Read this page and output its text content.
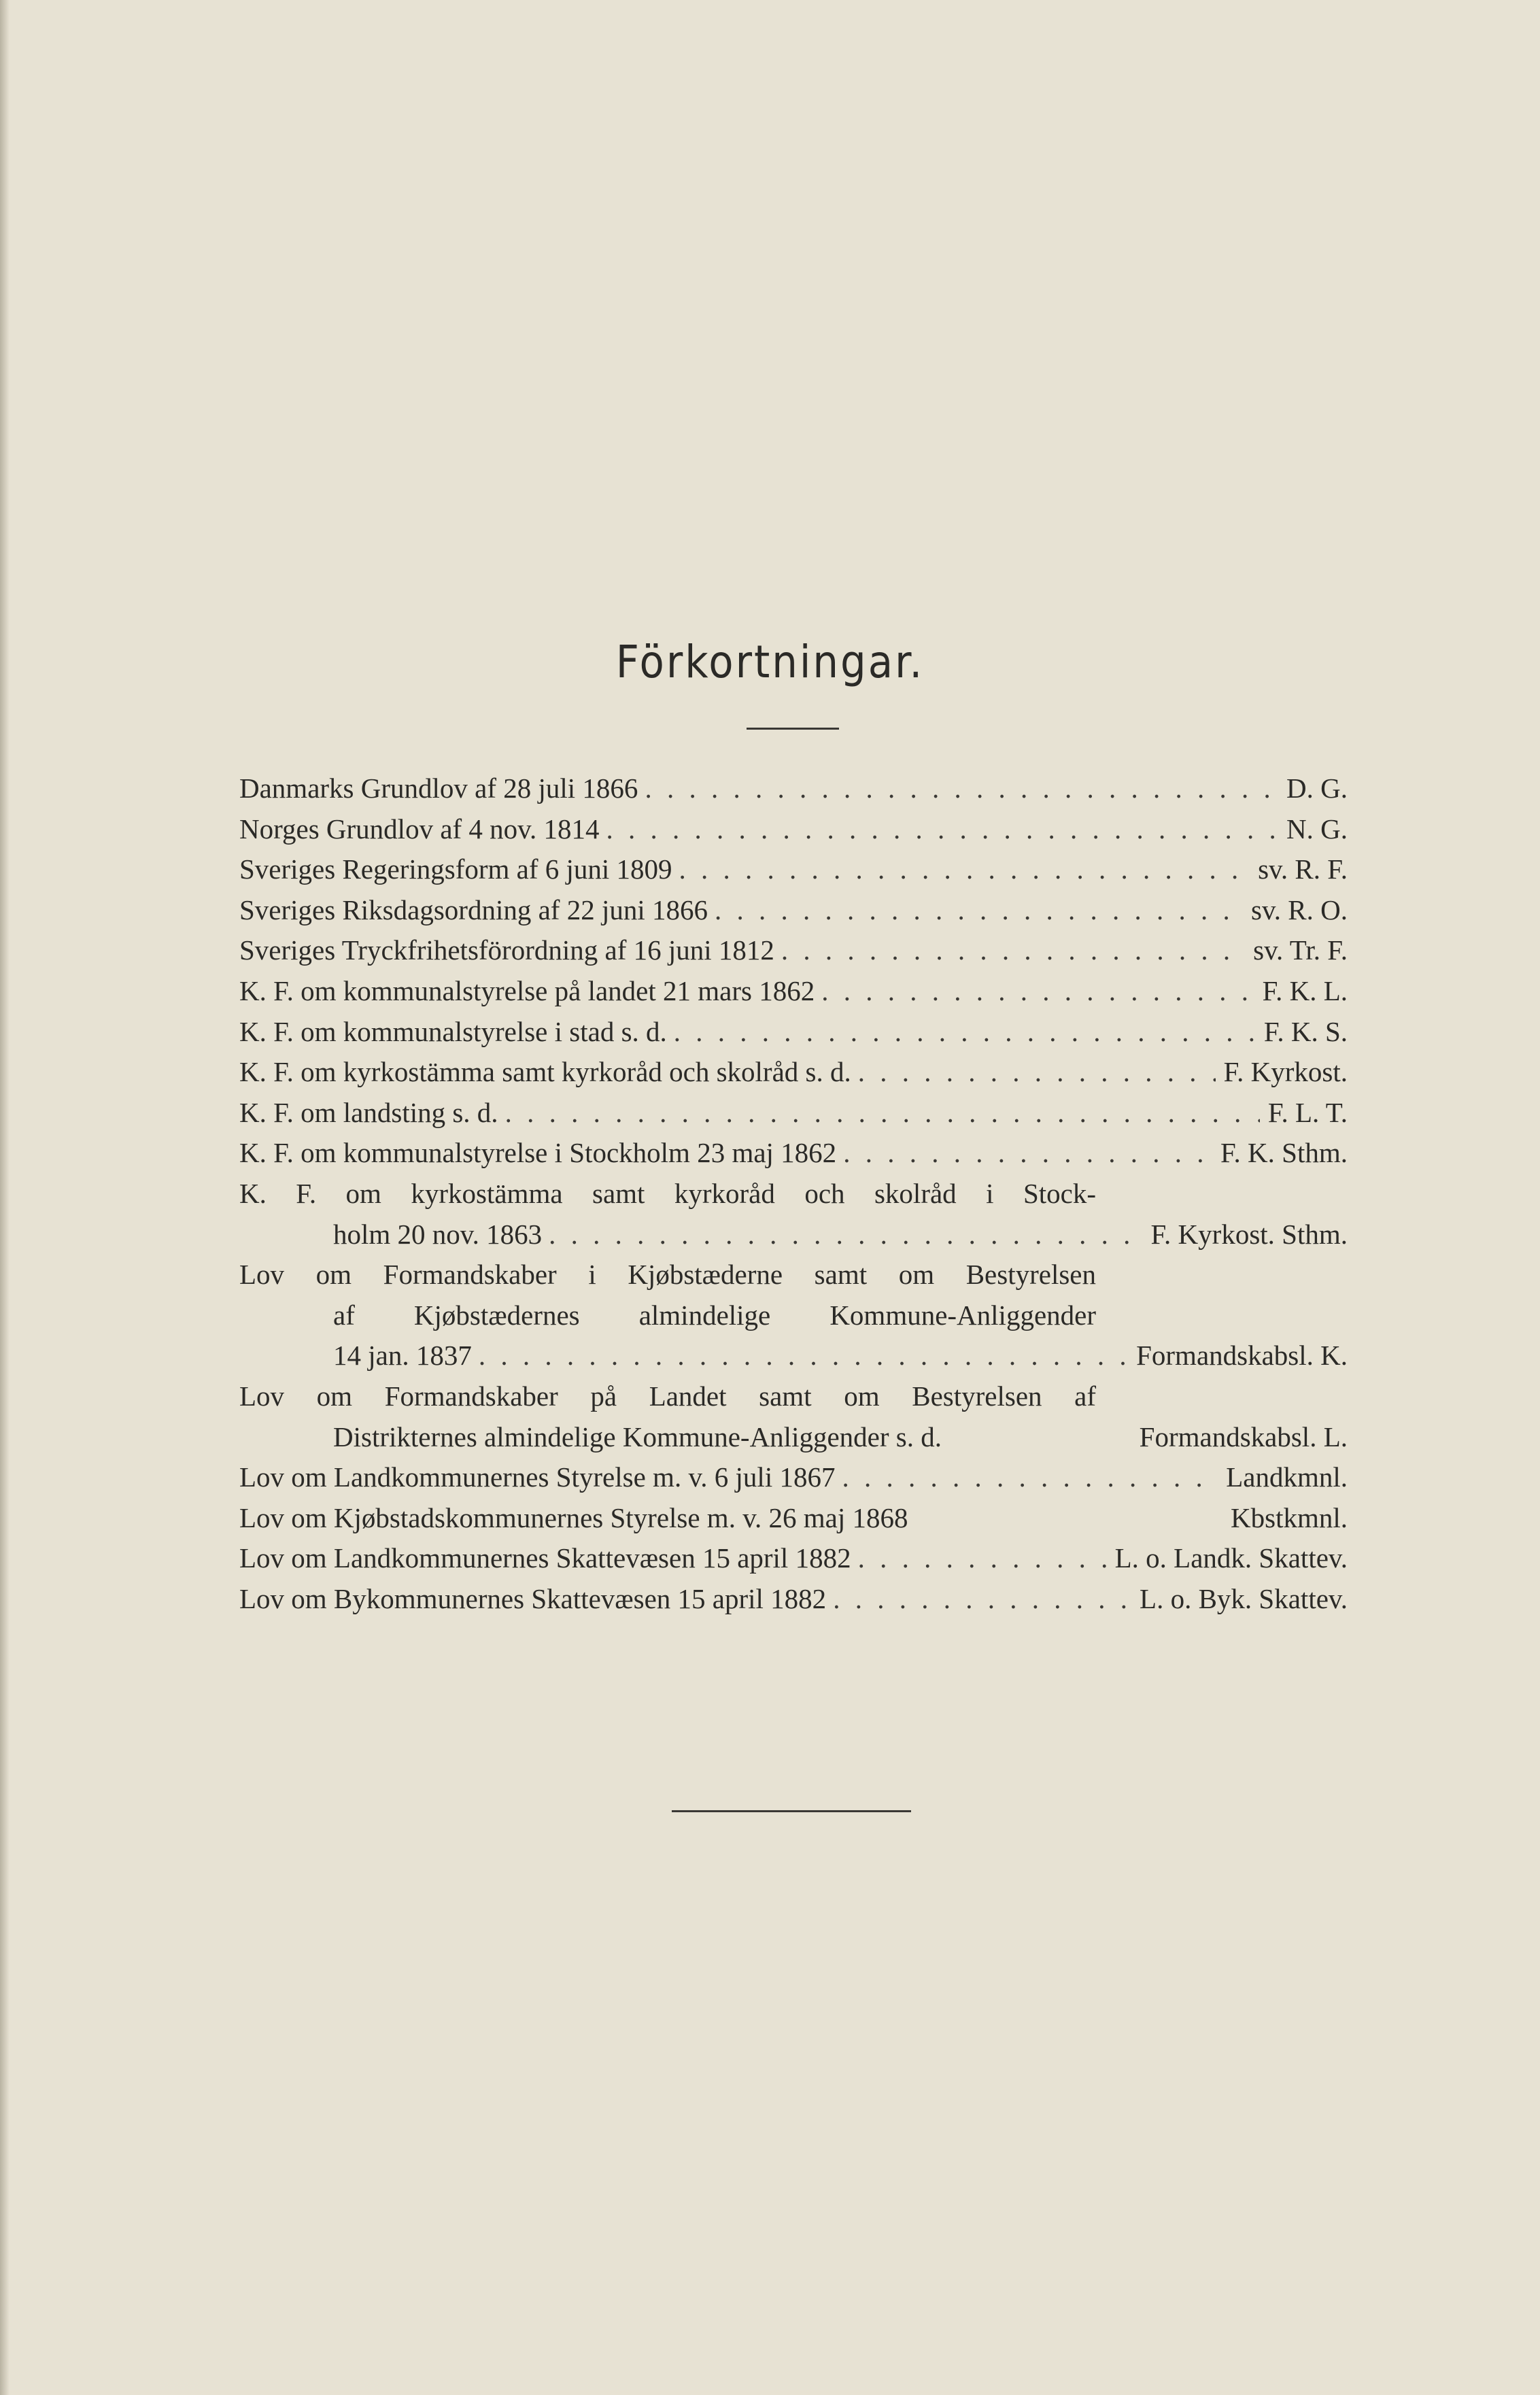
Förkortningar.
Danmarks Grundlov af 28 juli 1866 . . .	D. G.
Norges Grundlov af 4 nov. 1814 . . .	N. G.
Sveriges Regeringsform af 6 juni 1809 . . .	sv. R. F.
Sveriges Riksdagsordning af 22 juni 1866 . . .	sv. R. O.
Sveriges Tryckfrihetsförordning af 16 juni 1812 . . .	sv. Tr. F.
K. F. om kommunalstyrelse på landet 21 mars 1862 . . .	F. K. L.
K. F. om kommunalstyrelse i stad s. d. . . .	F. K. S.
K. F. om kyrkostämma samt kyrkoråd och skolråd s. d. . . .	F. Kyrkost.
K. F. om landsting s. d. . . .	F. L. T.
K. F. om kommunalstyrelse i Stockholm 23 maj 1862 . . .	F. K. Sthm.
K. F. om kyrkostämma samt kyrkoråd och skolråd i Stock-
holm 20 nov. 1863 . . .	F. Kyrkost. Sthm.
Lov om Formandskaber i Kjøbstæderne samt om Bestyrelsen
af Kjøbstædernes almindelige Kommune-Anliggender
14 jan. 1837 . . .	Formandskabsl. K.
Lov om Formandskaber på Landet samt om Bestyrelsen af
Distrikternes almindelige Kommune-Anliggender s. d.	Formandskabsl. L.
Lov om Landkommunernes Styrelse m. v. 6 juli 1867 . . .	Landkmnl.
Lov om Kjøbstadskommunernes Styrelse m. v. 26 maj 1868	Kbstkmnl.
Lov om Landkommunernes Skattevæsen 15 april 1882 . . .	L. o. Landk. Skattev.
Lov om Bykommunernes Skattevæsen 15 april 1882 . . .	L. o. Byk. Skattev.
